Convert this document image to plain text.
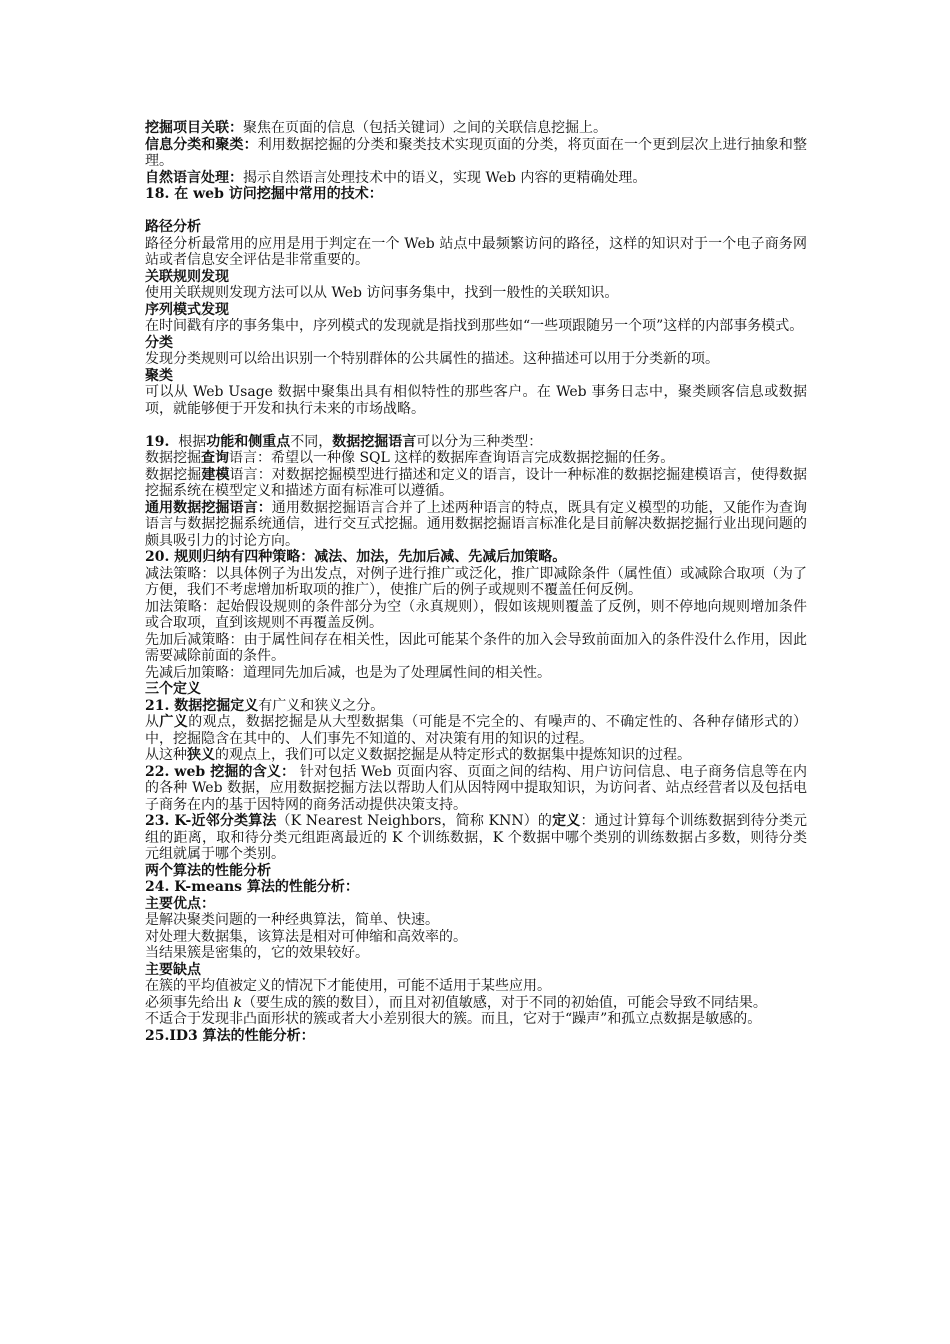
挖掘项目关联：聚焦在页面的信息（包括关键词）之间的关联信息挖掘上。

信息分类和聚类：利用数据挖掘的分类和聚类技术实现页面的分类，将页面在一个更到层次上进行抽象和整理。

自然语言处理：揭示自然语言处理技术中的语义，实现 Web 内容的更精确处理。

18. 在 web 访问挖掘中常用的技术：

路径分析

路径分析最常用的应用是用于判定在一个 Web 站点中最频繁访问的路径，这样的知识对于一个电子商务网站或者信息安全评估是非常重要的。

关联规则发现

使用关联规则发现方法可以从 Web 访问事务集中，找到一般性的关联知识。

序列模式发现

在时间戳有序的事务集中，序列模式的发现就是指找到那些如“一些项跟随另一个项”这样的内部事务模式。

分类

发现分类规则可以给出识别一个特别群体的公共属性的描述。这种描述可以用于分类新的项。

聚类

可以从 Web Usage 数据中聚集出具有相似特性的那些客户。在 Web 事务日志中，聚类顾客信息或数据项，就能够便于开发和执行未来的市场战略。

19. 根据功能和侧重点不同，数据挖掘语言可以分为三种类型：

数据挖掘查询语言：希望以一种像 SQL 这样的数据库查询语言完成数据挖掘的任务。

数据挖掘建模语言：对数据挖掘模型进行描述和定义的语言，设计一种标准的数据挖掘建模语言，使得数据挖掘系统在模型定义和描述方面有标准可以遵循。

通用数据挖掘语言：通用数据挖掘语言合并了上述两种语言的特点，既具有定义模型的功能，又能作为查询语言与数据挖掘系统通信，进行交互式挖掘。通用数据挖掘语言标准化是目前解决数据挖掘行业出现问题的颇具吸引力的讨论方向。

20. 规则归纳有四种策略：减法、加法，先加后减、先减后加策略。

减法策略：以具体例子为出发点，对例子进行推广或泛化，推广即减除条件（属性值）或减除合取项（为了方便，我们不考虑增加析取项的推广），使推广后的例子或规则不覆盖任何反例。

加法策略：起始假设规则的条件部分为空（永真规则），假如该规则覆盖了反例，则不停地向规则增加条件或合取项，直到该规则不再覆盖反例。

先加后减策略：由于属性间存在相关性，因此可能某个条件的加入会导致前面加入的条件没什么作用，因此需要减除前面的条件。

先减后加策略：道理同先加后减，也是为了处理属性间的相关性。

三个定义

21. 数据挖掘定义有广义和狭义之分。

从广义的观点，数据挖掘是从大型数据集（可能是不完全的、有噪声的、不确定性的、各种存储形式的）中，挖掘隐含在其中的、人们事先不知道的、对决策有用的知识的过程。

从这种狭义的观点上，我们可以定义数据挖掘是从特定形式的数据集中提炼知识的过程。

22. web 挖掘的含义： 针对包括 Web 页面内容、页面之间的结构、用户访问信息、电子商务信息等在内的各种 Web 数据，应用数据挖掘方法以帮助人们从因特网中提取知识，为访问者、站点经营者以及包括电子商务在内的基于因特网的商务活动提供决策支持。

23. K-近邻分类算法（K Nearest Neighbors，简称 KNN）的定义：通过计算每个训练数据到待分类元组的距离，取和待分类元组距离最近的 K 个训练数据，K 个数据中哪个类别的训练数据占多数，则待分类元组就属于哪个类别。

两个算法的性能分析

24. K-means 算法的性能分析：

主要优点：

是解决聚类问题的一种经典算法，简单、快速。

对处理大数据集，该算法是相对可伸缩和高效率的。

当结果簇是密集的，它的效果较好。

主要缺点

在簇的平均值被定义的情况下才能使用，可能不适用于某些应用。

必须事先给出 k（要生成的簇的数目），而且对初值敏感，对于不同的初始值，可能会导致不同结果。

不适合于发现非凸面形状的簇或者大小差别很大的簇。而且，它对于“躁声”和孤立点数据是敏感的。

25.ID3 算法的性能分析：
